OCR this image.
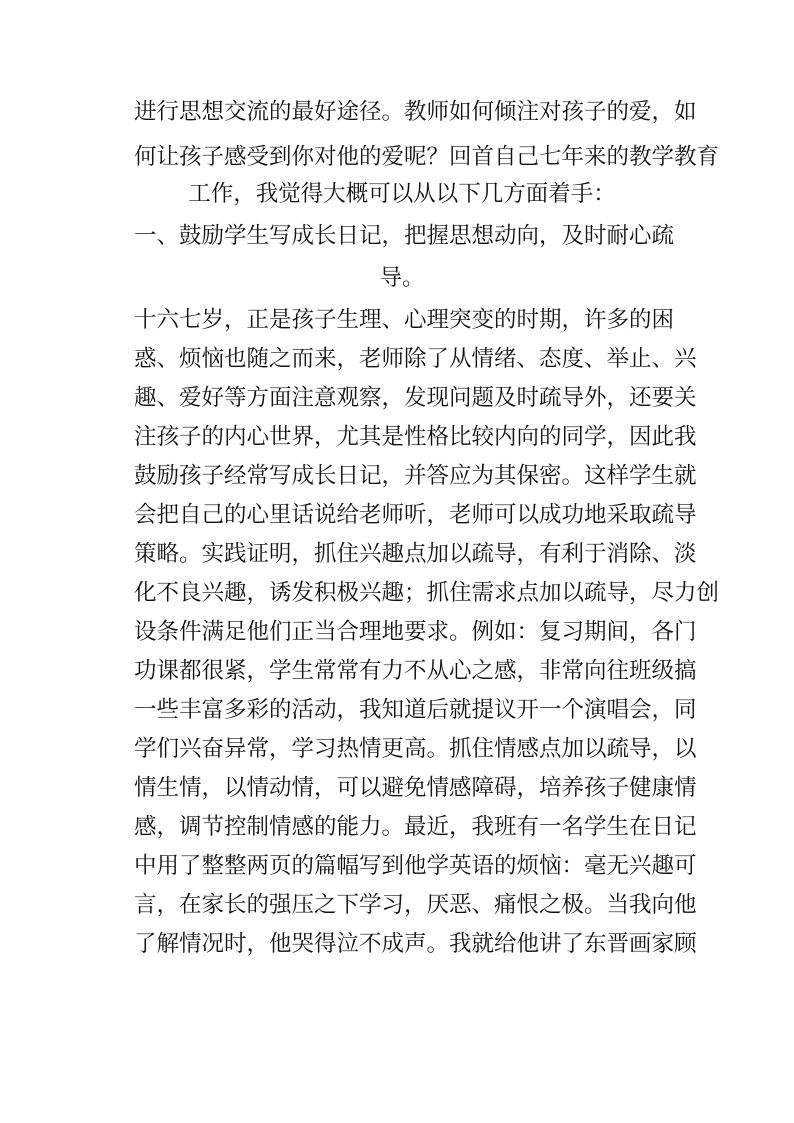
进行思想交流的最好途径。教师如何倾注对孩子的爱，如
何让孩子感受到你对他的爱呢？回首自己七年来的教学教育
工作，我觉得大概可以从以下几方面着手：
一、鼓励学生写成长日记，把握思想动向，及时耐心疏
导。
十六七岁，正是孩子生理、心理突变的时期，许多的困
惑、烦恼也随之而来，老师除了从情绪、态度、举止、兴
趣、爱好等方面注意观察，发现问题及时疏导外，还要关
注孩子的内心世界，尤其是性格比较内向的同学，因此我
鼓励孩子经常写成长日记，并答应为其保密。这样学生就
会把自己的心里话说给老师听，老师可以成功地采取疏导
策略。实践证明，抓住兴趣点加以疏导，有利于消除、淡
化不良兴趣，诱发积极兴趣；抓住需求点加以疏导，尽力创
设条件满足他们正当合理地要求。例如：复习期间，各门
功课都很紧，学生常常有力不从心之感，非常向往班级搞
一些丰富多彩的活动，我知道后就提议开一个演唱会，同
学们兴奋异常，学习热情更高。抓住情感点加以疏导，以
情生情，以情动情，可以避免情感障碍，培养孩子健康情
感，调节控制情感的能力。最近，我班有一名学生在日记
中用了整整两页的篇幅写到他学英语的烦恼：毫无兴趣可
言，在家长的强压之下学习，厌恶、痛恨之极。当我向他
了解情况时，他哭得泣不成声。我就给他讲了东晋画家顾
